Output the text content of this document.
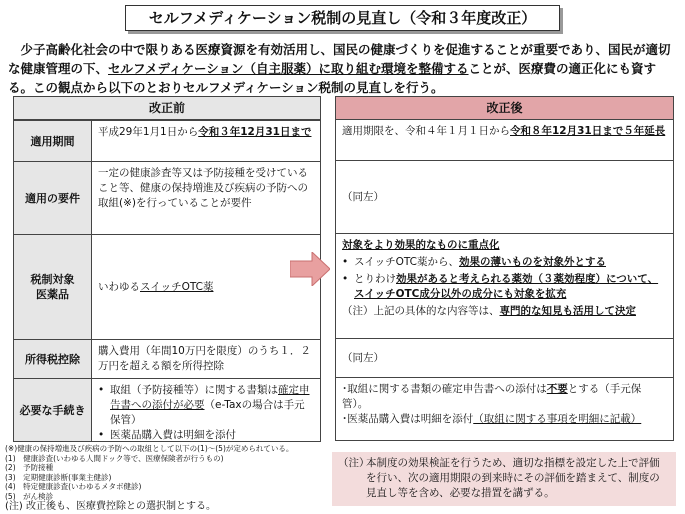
セルフメディケーション税制の見直し（令和３年度改正）
少子高齢化社会の中で限りある医療資源を有効活用し、国民の健康づくりを促進することが重要であり、国民が適切な健康管理の下、セルフメディケーション（自主服薬）に取り組む環境を整備することが、医療費の適正化にも資する。この観点から以下のとおりセルフメディケーション税制の見直しを行う。
改正前
適用期間
平成29年1月1日から令和３年12月31日まで
適用の要件
一定の健康診査等又は予防接種を受けていること等、健康の保持増進及び疾病の予防への取組(※)を行っていることが要件
税制対象
医薬品
いわゆるスイッチOTC薬
所得税控除
購入費用（年間10万円を限度）のうち１．２万円を超える額を所得控除
必要な手続き
• 取組（予防接種等）に関する書類は確定申告書への添付が必要（e-Taxの場合は手元保管）
• 医薬品購入費は明細を添付
改正後
適用期限を、令和４年１月１日から令和８年12月31日まで５年延長
（同左）
対象をより効果的なものに重点化
• スイッチOTC薬から、効果の薄いものを対象外とする
• とりわけ効果があると考えられる薬効（３薬効程度）について、スイッチOTC成分以外の成分にも対象を拡充
（注）上記の具体的な内容等は、専門的な知見も活用して決定
（同左）
･取組に関する書類の確定申告書への添付は不要とする（手元保管）。
･医薬品購入費は明細を添付（取組に関する事項を明細に記載）
(※)健康の保持増進及び疾病の予防への取組として以下の(1)～(5)が定められている。
(1)　健康診査(いわゆる人間ドック等で、医療保険者が行うもの)
(2)　予防接種
(3)　定期健康診断(事業主健診)
(4)　特定健康診査(いわゆるメタボ健診)
(5)　がん検診
(注) 改正後も、医療費控除との選択制とする。
（注）
本制度の効果検証を行うため、適切な指標を設定した上で評価を行い、次の適用期限の到来時にその評価を踏まえて、制度の見直し等を含め、必要な措置を講ずる。
